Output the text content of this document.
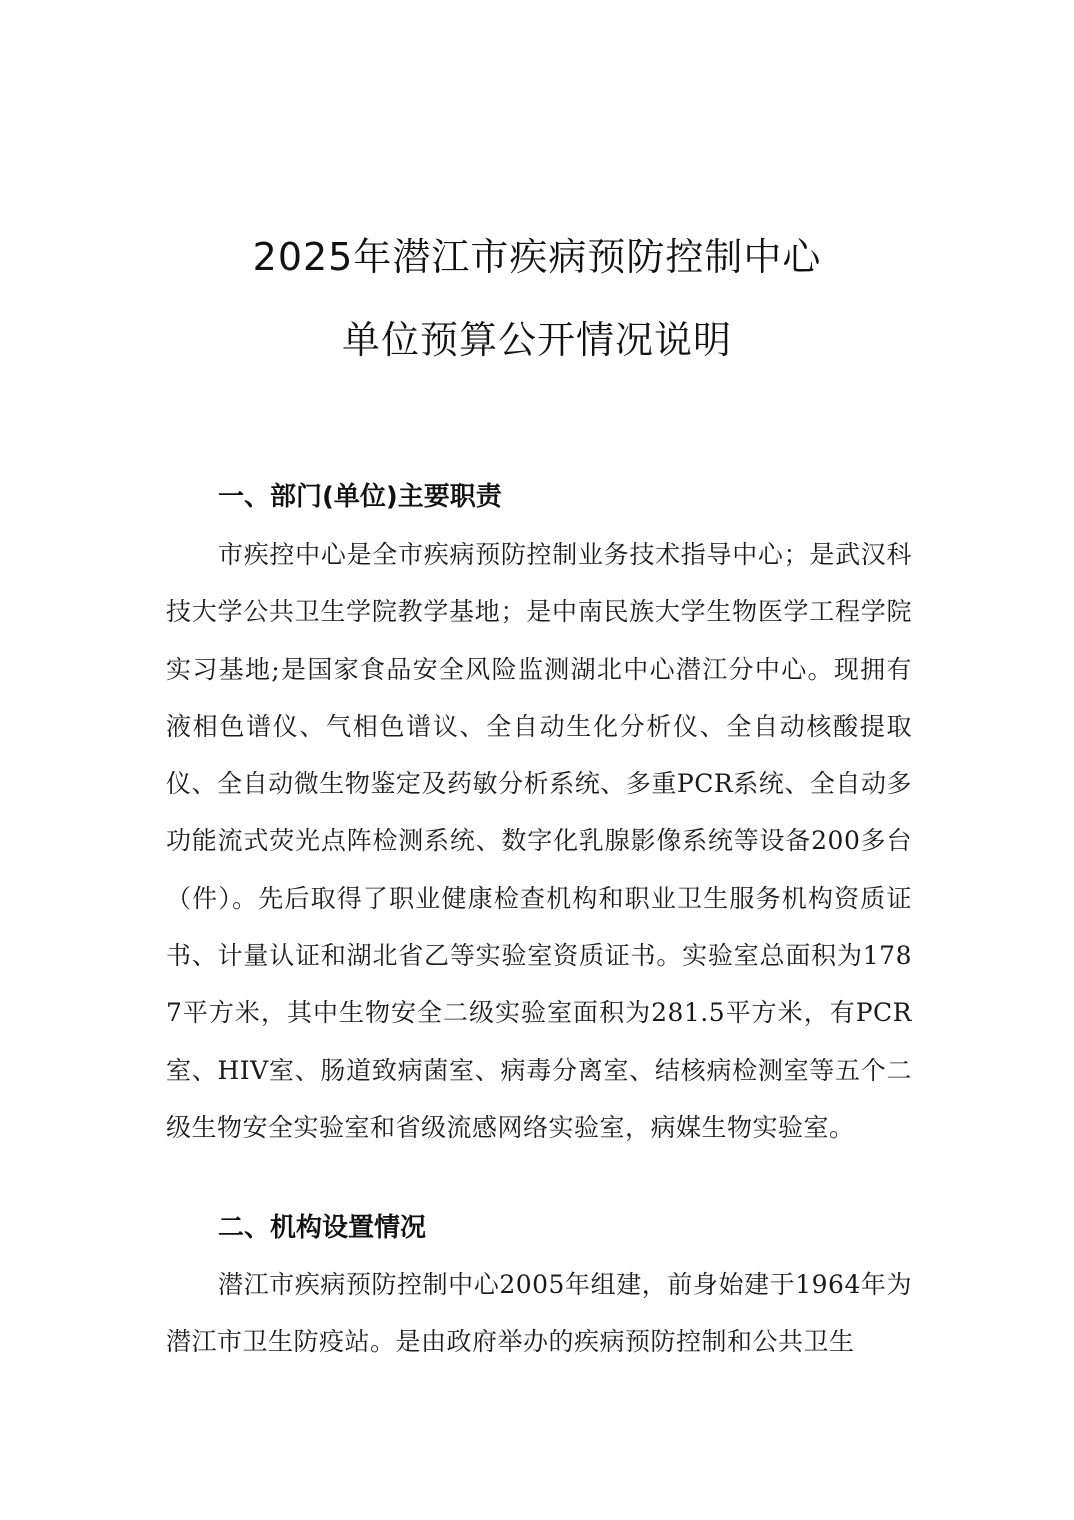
2025年潜江市疾病预防控制中心
单位预算公开情况说明
一、部门(单位)主要职责
市疾控中心是全市疾病预防控制业务技术指导中心；是武汉科技大学公共卫生学院教学基地；是中南民族大学生物医学工程学院实习基地;是国家食品安全风险监测湖北中心潜江分中心。现拥有液相色谱仪、气相色谱议、全自动生化分析仪、全自动核酸提取仪、全自动微生物鉴定及药敏分析系统、多重PCR系统、全自动多功能流式荧光点阵检测系统、数字化乳腺影像系统等设备200多台（件）。先后取得了职业健康检查机构和职业卫生服务机构资质证书、计量认证和湖北省乙等实验室资质证书。实验室总面积为1787平方米，其中生物安全二级实验室面积为281.5平方米，有PCR室、HIV室、肠道致病菌室、病毒分离室、结核病检测室等五个二级生物安全实验室和省级流感网络实验室，病媒生物实验室。
二、机构设置情况
潜江市疾病预防控制中心2005年组建，前身始建于1964年为潜江市卫生防疫站。是由政府举办的疾病预防控制和公共卫生
